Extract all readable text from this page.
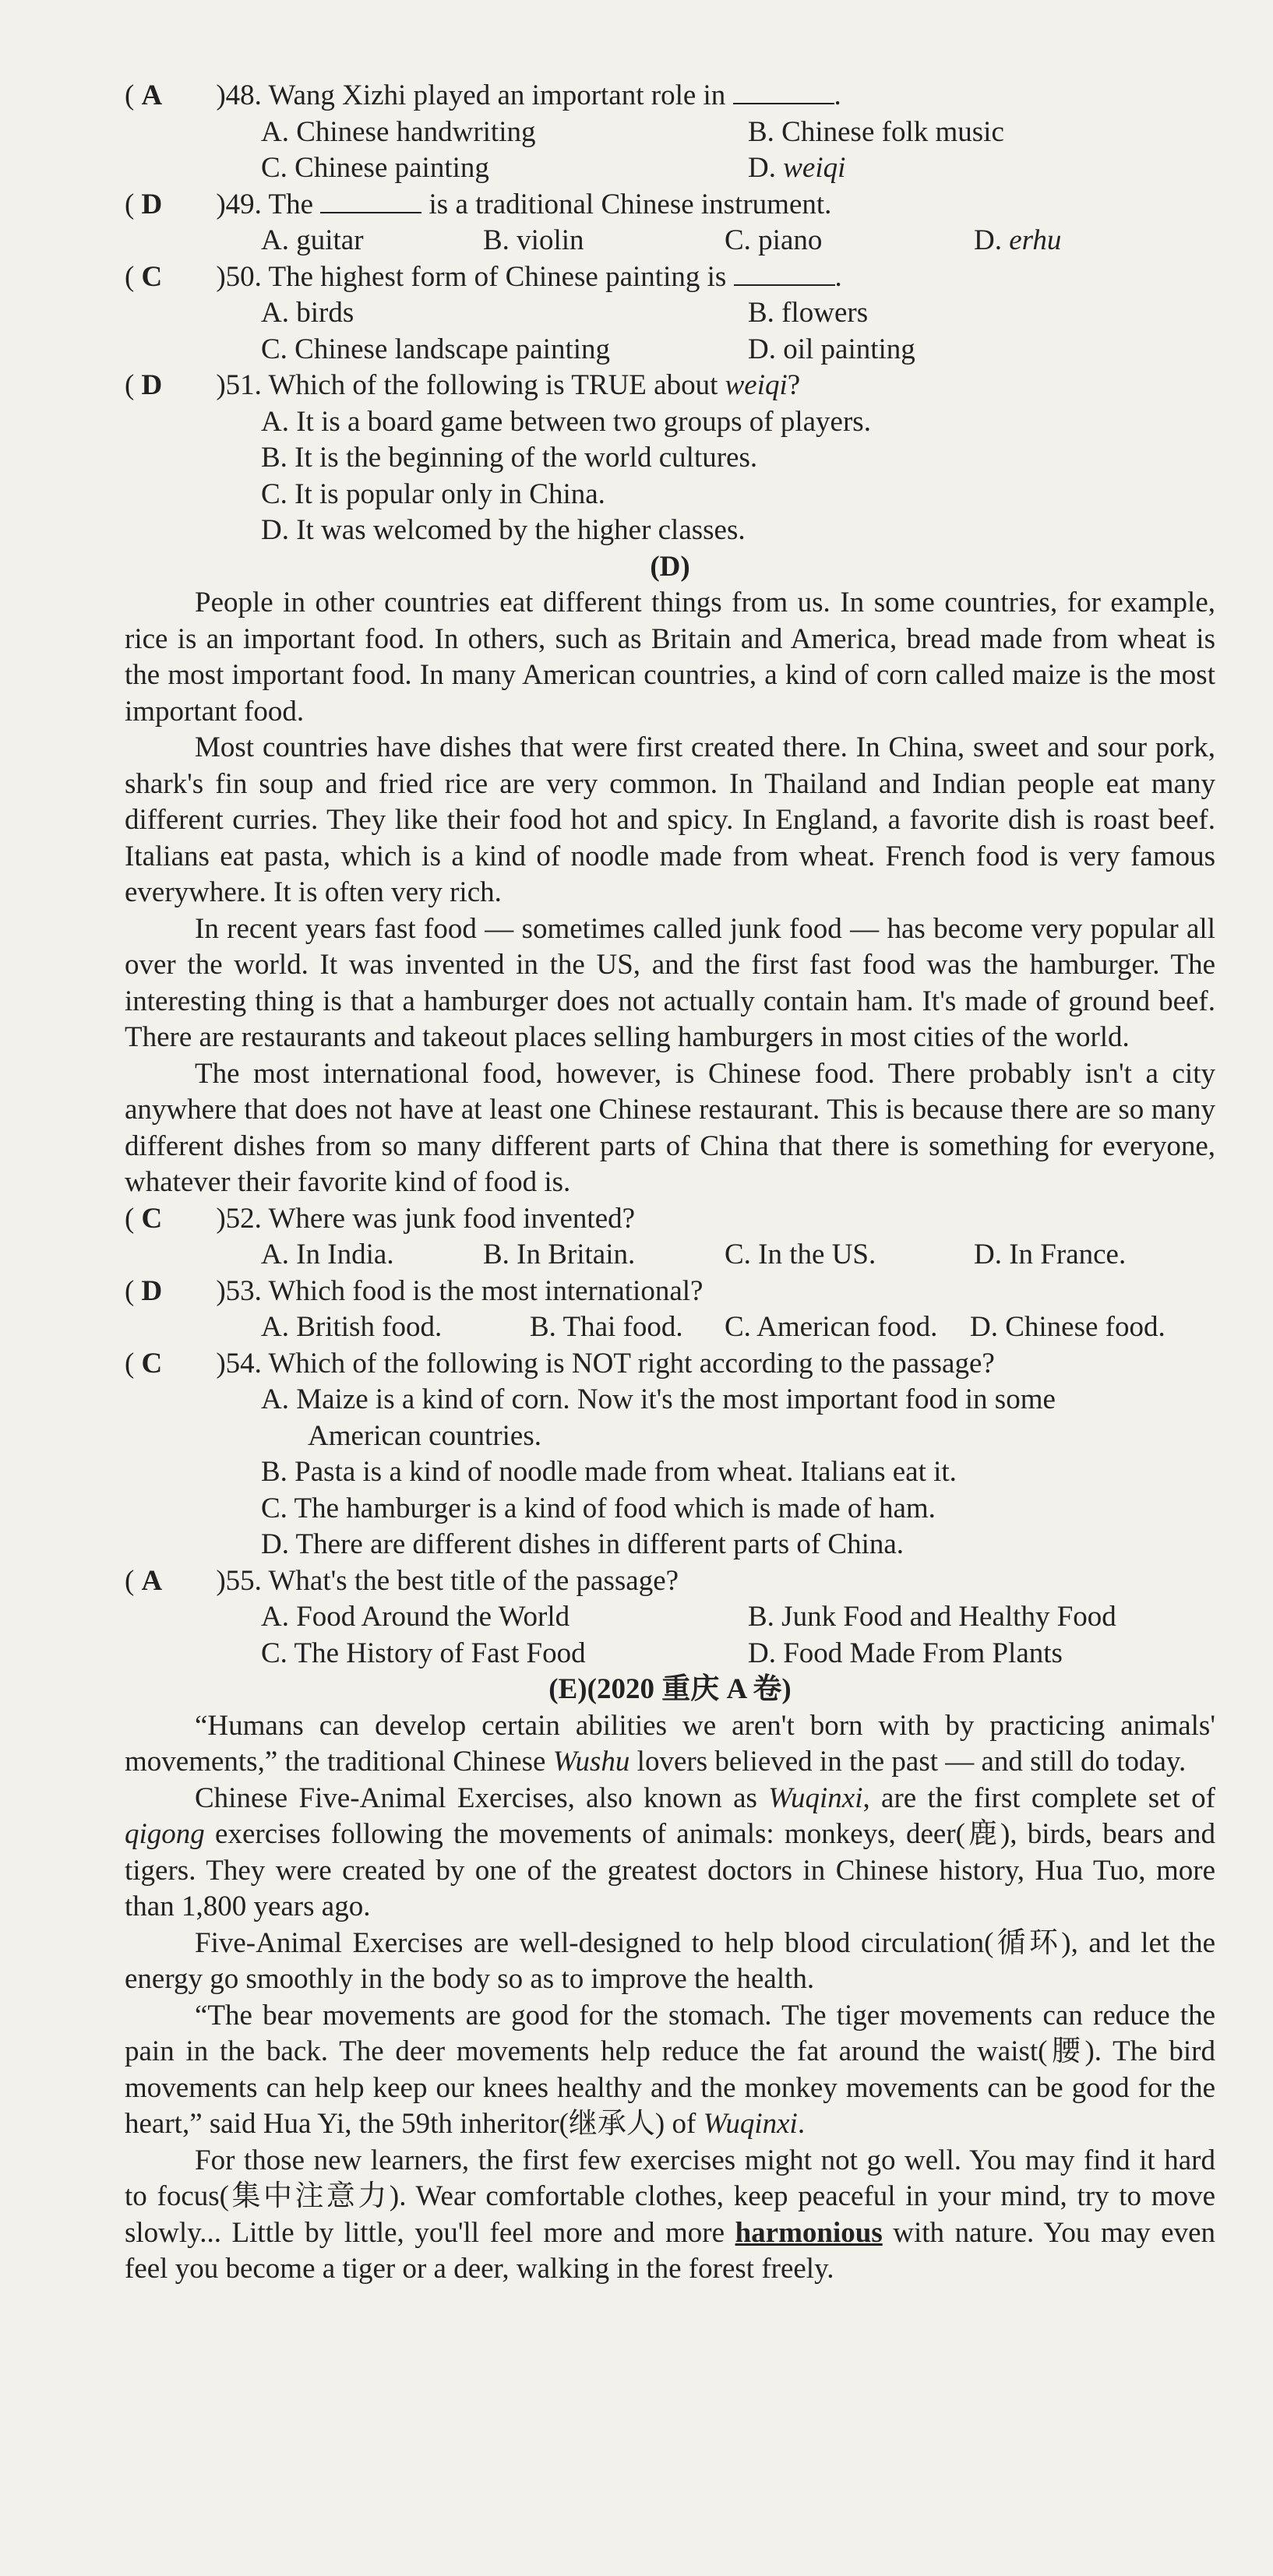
( A )48. Wang Xizhi played an important role in	.
A. Chinese handwriting	B. Chinese folk music
C. Chinese painting	D. weiqi
( D )49. The	is a traditional Chinese instrument.
A. guitar	B. violin	C. piano	D. erhu
( C )50. The highest form of Chinese painting is	.
A. birds	B. flowers
C. Chinese landscape painting	D. oil painting
( D )51. Which of the following is TRUE about weiqi?
A. It is a board game between two groups of players.
B. It is the beginning of the world cultures.
C. It is popular only in China.
D. It was welcomed by the higher classes.
(D)
People in other countries eat different things from us. In some countries, for example, rice is an important food. In others, such as Britain and America, bread made from wheat is the most important food. In many American countries, a kind of corn called maize is the most important food.
Most countries have dishes that were first created there. In China, sweet and sour pork, shark's fin soup and fried rice are very common. In Thailand and Indian people eat many different curries. They like their food hot and spicy. In England, a favorite dish is roast beef. Italians eat pasta, which is a kind of noodle made from wheat. French food is very famous everywhere. It is often very rich.
In recent years fast food — sometimes called junk food — has become very popular all over the world. It was invented in the US, and the first fast food was the hamburger. The interesting thing is that a hamburger does not actually contain ham. It's made of ground beef. There are restaurants and takeout places selling hamburgers in most cities of the world.
The most international food, however, is Chinese food. There probably isn't a city anywhere that does not have at least one Chinese restaurant. This is because there are so many different dishes from so many different parts of China that there is something for everyone, whatever their favorite kind of food is.
( C )52. Where was junk food invented?
A. In India.	B. In Britain.	C. In the US.	D. In France.
( D )53. Which food is the most international?
A. British food.	B. Thai food. C. American food. D. Chinese food.
( C )54. Which of the following is NOT right according to the passage?
A. Maize is a kind of corn. Now it's the most important food in some
American countries.
B. Pasta is a kind of noodle made from wheat. Italians eat it.
C. The hamburger is a kind of food which is made of ham.
D. There are different dishes in different parts of China.
( A )55. What's the best title of the passage?
A. Food Around the World	B. Junk Food and Healthy Food
C. The History of Fast Food	D. Food Made From Plants
(E)(2020 重庆 A 卷)
“Humans can develop certain abilities we aren't born with by practicing animals' movements,” the traditional Chinese Wushu lovers believed in the past — and still do today.
Chinese Five-Animal Exercises, also known as Wuqinxi, are the first complete set of qigong exercises following the movements of animals: monkeys, deer(鹿), birds, bears and tigers. They were created by one of the greatest doctors in Chinese history, Hua Tuo, more than 1,800 years ago.
Five-Animal Exercises are well-designed to help blood circulation(循环), and let the energy go smoothly in the body so as to improve the health.
“The bear movements are good for the stomach. The tiger movements can reduce the pain in the back. The deer movements help reduce the fat around the waist(腰). The bird movements can help keep our knees healthy and the monkey movements can be good for the heart,” said Hua Yi, the 59th inheritor(继承人) of Wuqinxi.
For those new learners, the first few exercises might not go well. You may find it hard to focus(集中注意力). Wear comfortable clothes, keep peaceful in your mind, try to move slowly... Little by little, you'll feel more and more harmonious with nature. You may even feel you become a tiger or a deer, walking in the forest freely.
